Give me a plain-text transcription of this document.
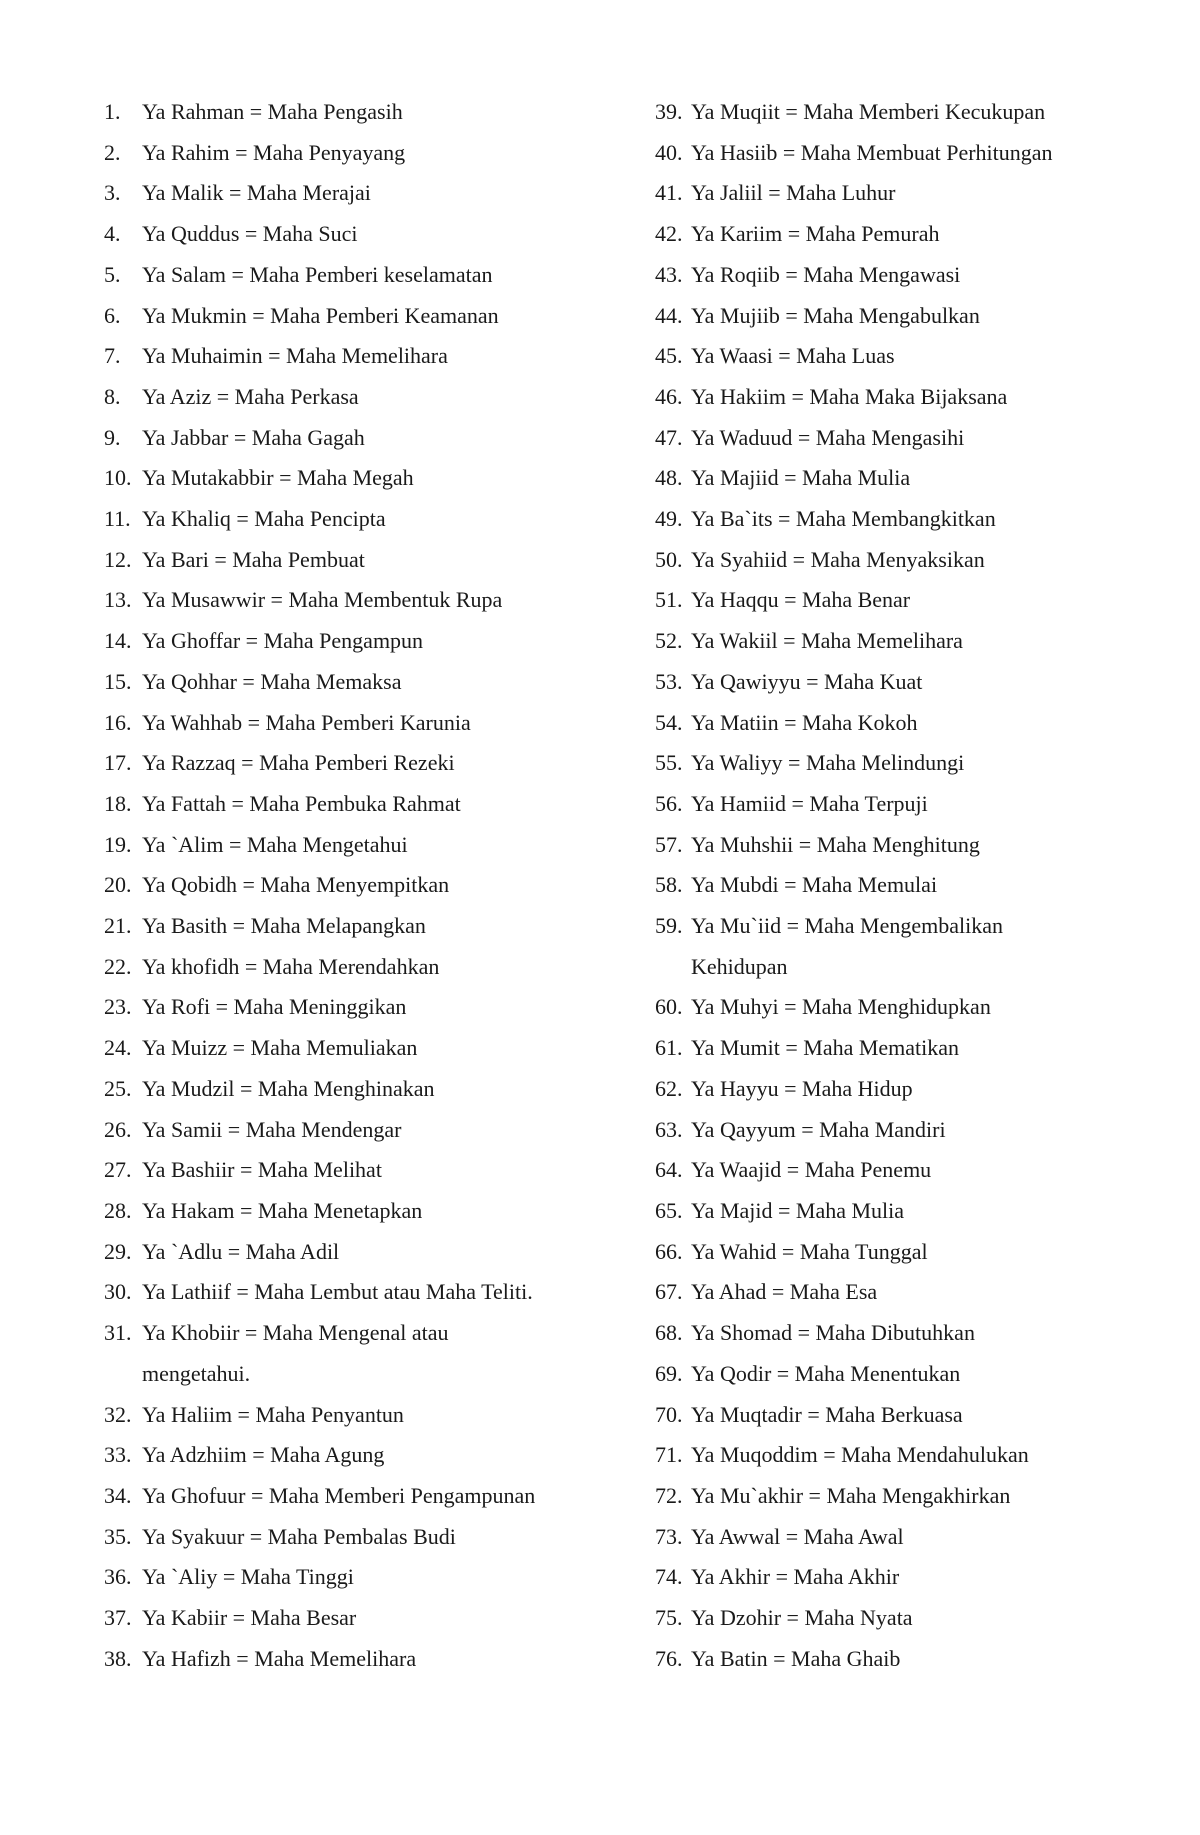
1. Ya Rahman = Maha Pengasih
2. Ya Rahim = Maha Penyayang
3. Ya Malik = Maha Merajai
4. Ya Quddus = Maha Suci
5. Ya Salam = Maha Pemberi keselamatan
6. Ya Mukmin = Maha Pemberi Keamanan
7. Ya Muhaimin = Maha Memelihara
8. Ya Aziz = Maha Perkasa
9. Ya Jabbar = Maha Gagah
10. Ya Mutakabbir = Maha Megah
11. Ya Khaliq = Maha Pencipta
12. Ya Bari = Maha Pembuat
13. Ya Musawwir = Maha Membentuk Rupa
14. Ya Ghoffar = Maha Pengampun
15. Ya Qohhar = Maha Memaksa
16. Ya Wahhab = Maha Pemberi Karunia
17. Ya Razzaq = Maha Pemberi Rezeki
18. Ya Fattah = Maha Pembuka Rahmat
19. Ya `Alim = Maha Mengetahui
20. Ya Qobidh = Maha Menyempitkan
21. Ya Basith = Maha Melapangkan
22. Ya khofidh = Maha Merendahkan
23. Ya Rofi = Maha Meninggikan
24. Ya Muizz = Maha Memuliakan
25. Ya Mudzil = Maha Menghinakan
26. Ya Samii = Maha Mendengar
27. Ya Bashiir = Maha Melihat
28. Ya Hakam = Maha Menetapkan
29. Ya `Adlu = Maha Adil
30. Ya Lathiif = Maha Lembut atau Maha Teliti.
31. Ya Khobiir = Maha Mengenal atau
mengetahui.
32. Ya Haliim = Maha Penyantun
33. Ya Adzhiim = Maha Agung
34. Ya Ghofuur = Maha Memberi Pengampunan
35. Ya Syakuur = Maha Pembalas Budi
36. Ya `Aliy = Maha Tinggi
37. Ya Kabiir = Maha Besar
38. Ya Hafizh = Maha Memelihara
39. Ya Muqiit = Maha Memberi Kecukupan
40. Ya Hasiib = Maha Membuat Perhitungan
41. Ya Jaliil = Maha Luhur
42. Ya Kariim = Maha Pemurah
43. Ya Roqiib = Maha Mengawasi
44. Ya Mujiib = Maha Mengabulkan
45. Ya Waasi = Maha Luas
46. Ya Hakiim = Maha Maka Bijaksana
47. Ya Waduud = Maha Mengasihi
48. Ya Majiid = Maha Mulia
49. Ya Ba`its = Maha Membangkitkan
50. Ya Syahiid = Maha Menyaksikan
51. Ya Haqqu = Maha Benar
52. Ya Wakiil = Maha Memelihara
53. Ya Qawiyyu = Maha Kuat
54. Ya Matiin = Maha Kokoh
55. Ya Waliyy = Maha Melindungi
56. Ya Hamiid = Maha Terpuji
57. Ya Muhshii = Maha Menghitung
58. Ya Mubdi = Maha Memulai
59. Ya Mu`iid = Maha Mengembalikan
Kehidupan
60. Ya Muhyi = Maha Menghidupkan
61. Ya Mumit = Maha Mematikan
62. Ya Hayyu = Maha Hidup
63. Ya Qayyum = Maha Mandiri
64. Ya Waajid = Maha Penemu
65. Ya Majid = Maha Mulia
66. Ya Wahid = Maha Tunggal
67. Ya Ahad = Maha Esa
68. Ya Shomad = Maha Dibutuhkan
69. Ya Qodir = Maha Menentukan
70. Ya Muqtadir = Maha Berkuasa
71. Ya Muqoddim = Maha Mendahulukan
72. Ya Mu`akhir = Maha Mengakhirkan
73. Ya Awwal = Maha Awal
74. Ya Akhir = Maha Akhir
75. Ya Dzohir = Maha Nyata
76. Ya Batin = Maha Ghaib
